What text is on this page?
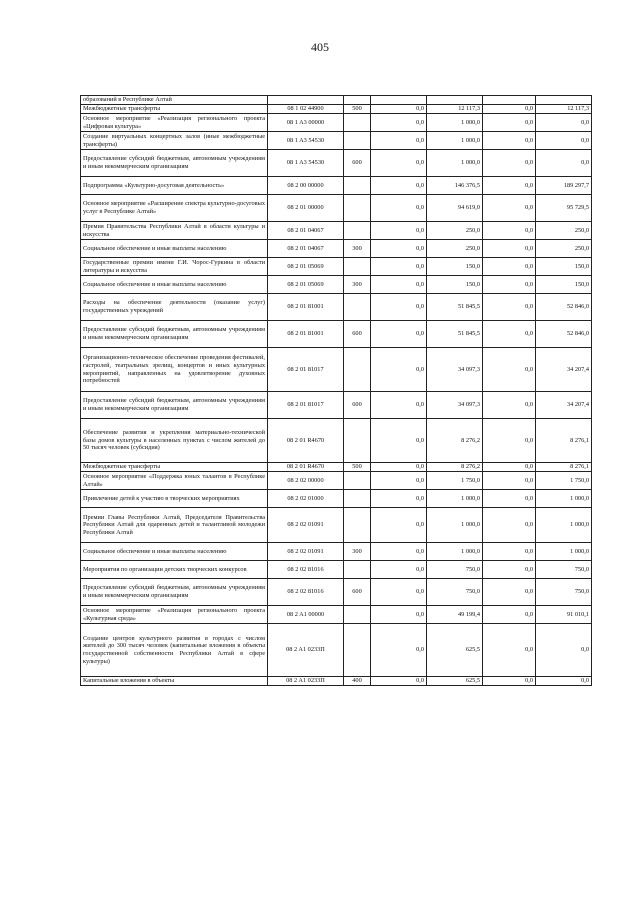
405
образований в Республике Алтай						
Межбюджетные трансферты	08 1 02 44900	500	0,0	12 117,3	0,0	12 117,3
Основное мероприятие «Реализация регионального проекта «Цифровая культура»	08 1 A3 00000		0,0	1 000,0	0,0	0,0
Создание виртуальных концертных залов (иные межбюджетные трансферты)	08 1 A3 54530		0,0	1 000,0	0,0	0,0
Предоставление субсидий бюджетным, автономным учреждениям и иным некоммерческим организациям	08 1 A3 54530	600	0,0	1 000,0	0,0	0,0
Подпрограмма «Культурно-досуговая деятельность»	08 2 00 00000		0,0	146 376,5	0,0	189 297,7
Основное мероприятие «Расширение спектра культурно-досуговых услуг в Республике Алтай»	08 2 01 00000		0,0	94 619,0	0,0	95 729,5
Премия Правительства Республики Алтай в области культуры и искусства	08 2 01 04067		0,0	250,0	0,0	250,0
Социальное обеспечение и иные выплаты населению	08 2 01 04067	300	0,0	250,0	0,0	250,0
Государственные премии имени Г.И. Чорос-Гуркина в области литературы и искусства	08 2 01 05069		0,0	150,0	0,0	150,0
Социальное обеспечение и иные выплаты населению	08 2 01 05069	300	0,0	150,0	0,0	150,0
Расходы на обеспечение деятельности (оказание услуг) государственных учреждений	08 2 01 81001		0,0	51 845,5	0,0	52 846,0
Предоставление субсидий бюджетным, автономным учреждениям и иным некоммерческим организациям	08 2 01 81001	600	0,0	51 845,5	0,0	52 846,0
Организационно-техническое обеспечение проведения фестивалей, гастролей, театральных зрелищ, концертов и иных культурных мероприятий, направленных на удовлетворение духовных потребностей	08 2 01 81017		0,0	34 097,3	0,0	34 207,4
Предоставление субсидий бюджетным, автономным учреждениям и иным некоммерческим организациям	08 2 01 81017	600	0,0	34 097,3	0,0	34 207,4
Обеспечение развития и укрепления материально-технической базы домов культуры в населенных пунктах с числом жителей до 50 тысяч человек (субсидия)	08 2 01 R4670		0,0	8 276,2	0,0	8 276,1
Межбюджетные трансферты	08 2 01 R4670	500	0,0	8 276,2	0,0	8 276,1
Основное мероприятие «Поддержка юных талантов в Республике Алтай»	08 2 02 00000		0,0	1 750,0	0,0	1 750,0
Привлечение детей к участию в творческих мероприятиях	08 2 02 01000		0,0	1 000,0	0,0	1 000,0
Премии Главы Республики Алтай, Председателя Правительства Республики Алтай для одаренных детей и талантливой молодежи Республики Алтай	08 2 02 01091		0,0	1 000,0	0,0	1 000,0
Социальное обеспечение и иные выплаты населению	08 2 02 01091	300	0,0	1 000,0	0,0	1 000,0
Мероприятия по организации детских творческих конкурсов	08 2 02 81016		0,0	750,0	0,0	750,0
Предоставление субсидий бюджетным, автономным учреждениям и иным некоммерческим организациям	08 2 02 81016	600	0,0	750,0	0,0	750,0
Основное мероприятие «Реализация регионального проекта «Культурная среда»	08 2 A1 00000		0,0	49 199,4	0,0	91 010,1
Создание центров культурного развития в городах с числом жителей до 300 тысяч человек (капитальные вложения в объекты государственной собственности Республики Алтай в сфере культуры)	08 2 A1 0233П		0,0	625,5	0,0	0,0
Капитальные вложения в объекты	08 2 A1 0233П	400	0,0	625,5	0,0	0,0
